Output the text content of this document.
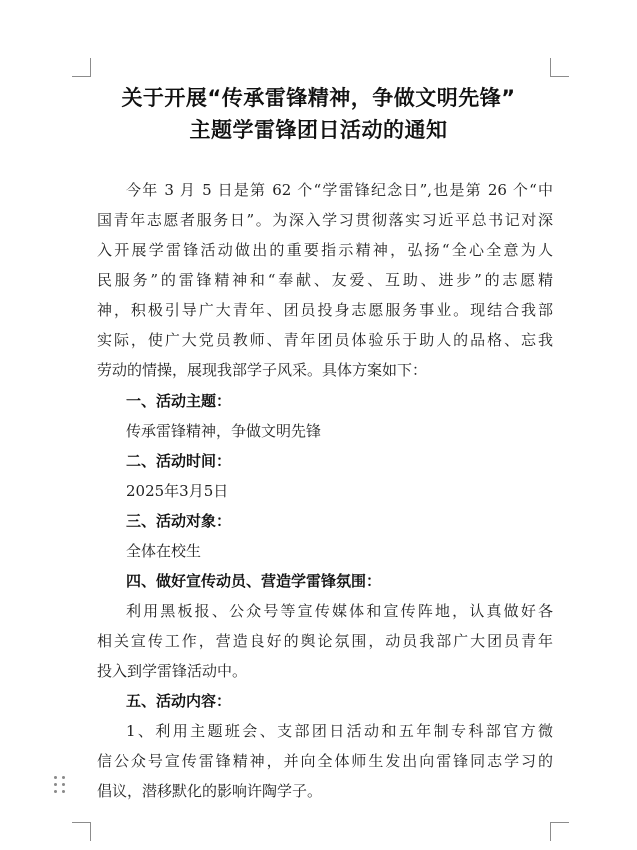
关于开展“传承雷锋精神，争做文明先锋”
主题学雷锋团日活动的通知
今年 3 月 5 日是第 62 个“学雷锋纪念日”,也是第 26 个“中
国青年志愿者服务日”。为深入学习贯彻落实习近平总书记对深
入开展学雷锋活动做出的重要指示精神，弘扬“全心全意为人
民服务”的雷锋精神和“奉献、友爱、互助、进步”的志愿精
神，积极引导广大青年、团员投身志愿服务事业。现结合我部
实际，使广大党员教师、青年团员体验乐于助人的品格、忘我
劳动的情操，展现我部学子风采。具体方案如下：
一、活动主题：
传承雷锋精神，争做文明先锋
二、活动时间：
2025年3月5日
三、活动对象：
全体在校生
四、做好宣传动员、营造学雷锋氛围：
利用黑板报、公众号等宣传媒体和宣传阵地，认真做好各
相关宣传工作，营造良好的舆论氛围，动员我部广大团员青年
投入到学雷锋活动中。
五、活动内容：
1、利用主题班会、支部团日活动和五年制专科部官方微
信公众号宣传雷锋精神，并向全体师生发出向雷锋同志学习的
倡议，潜移默化的影响许陶学子。
